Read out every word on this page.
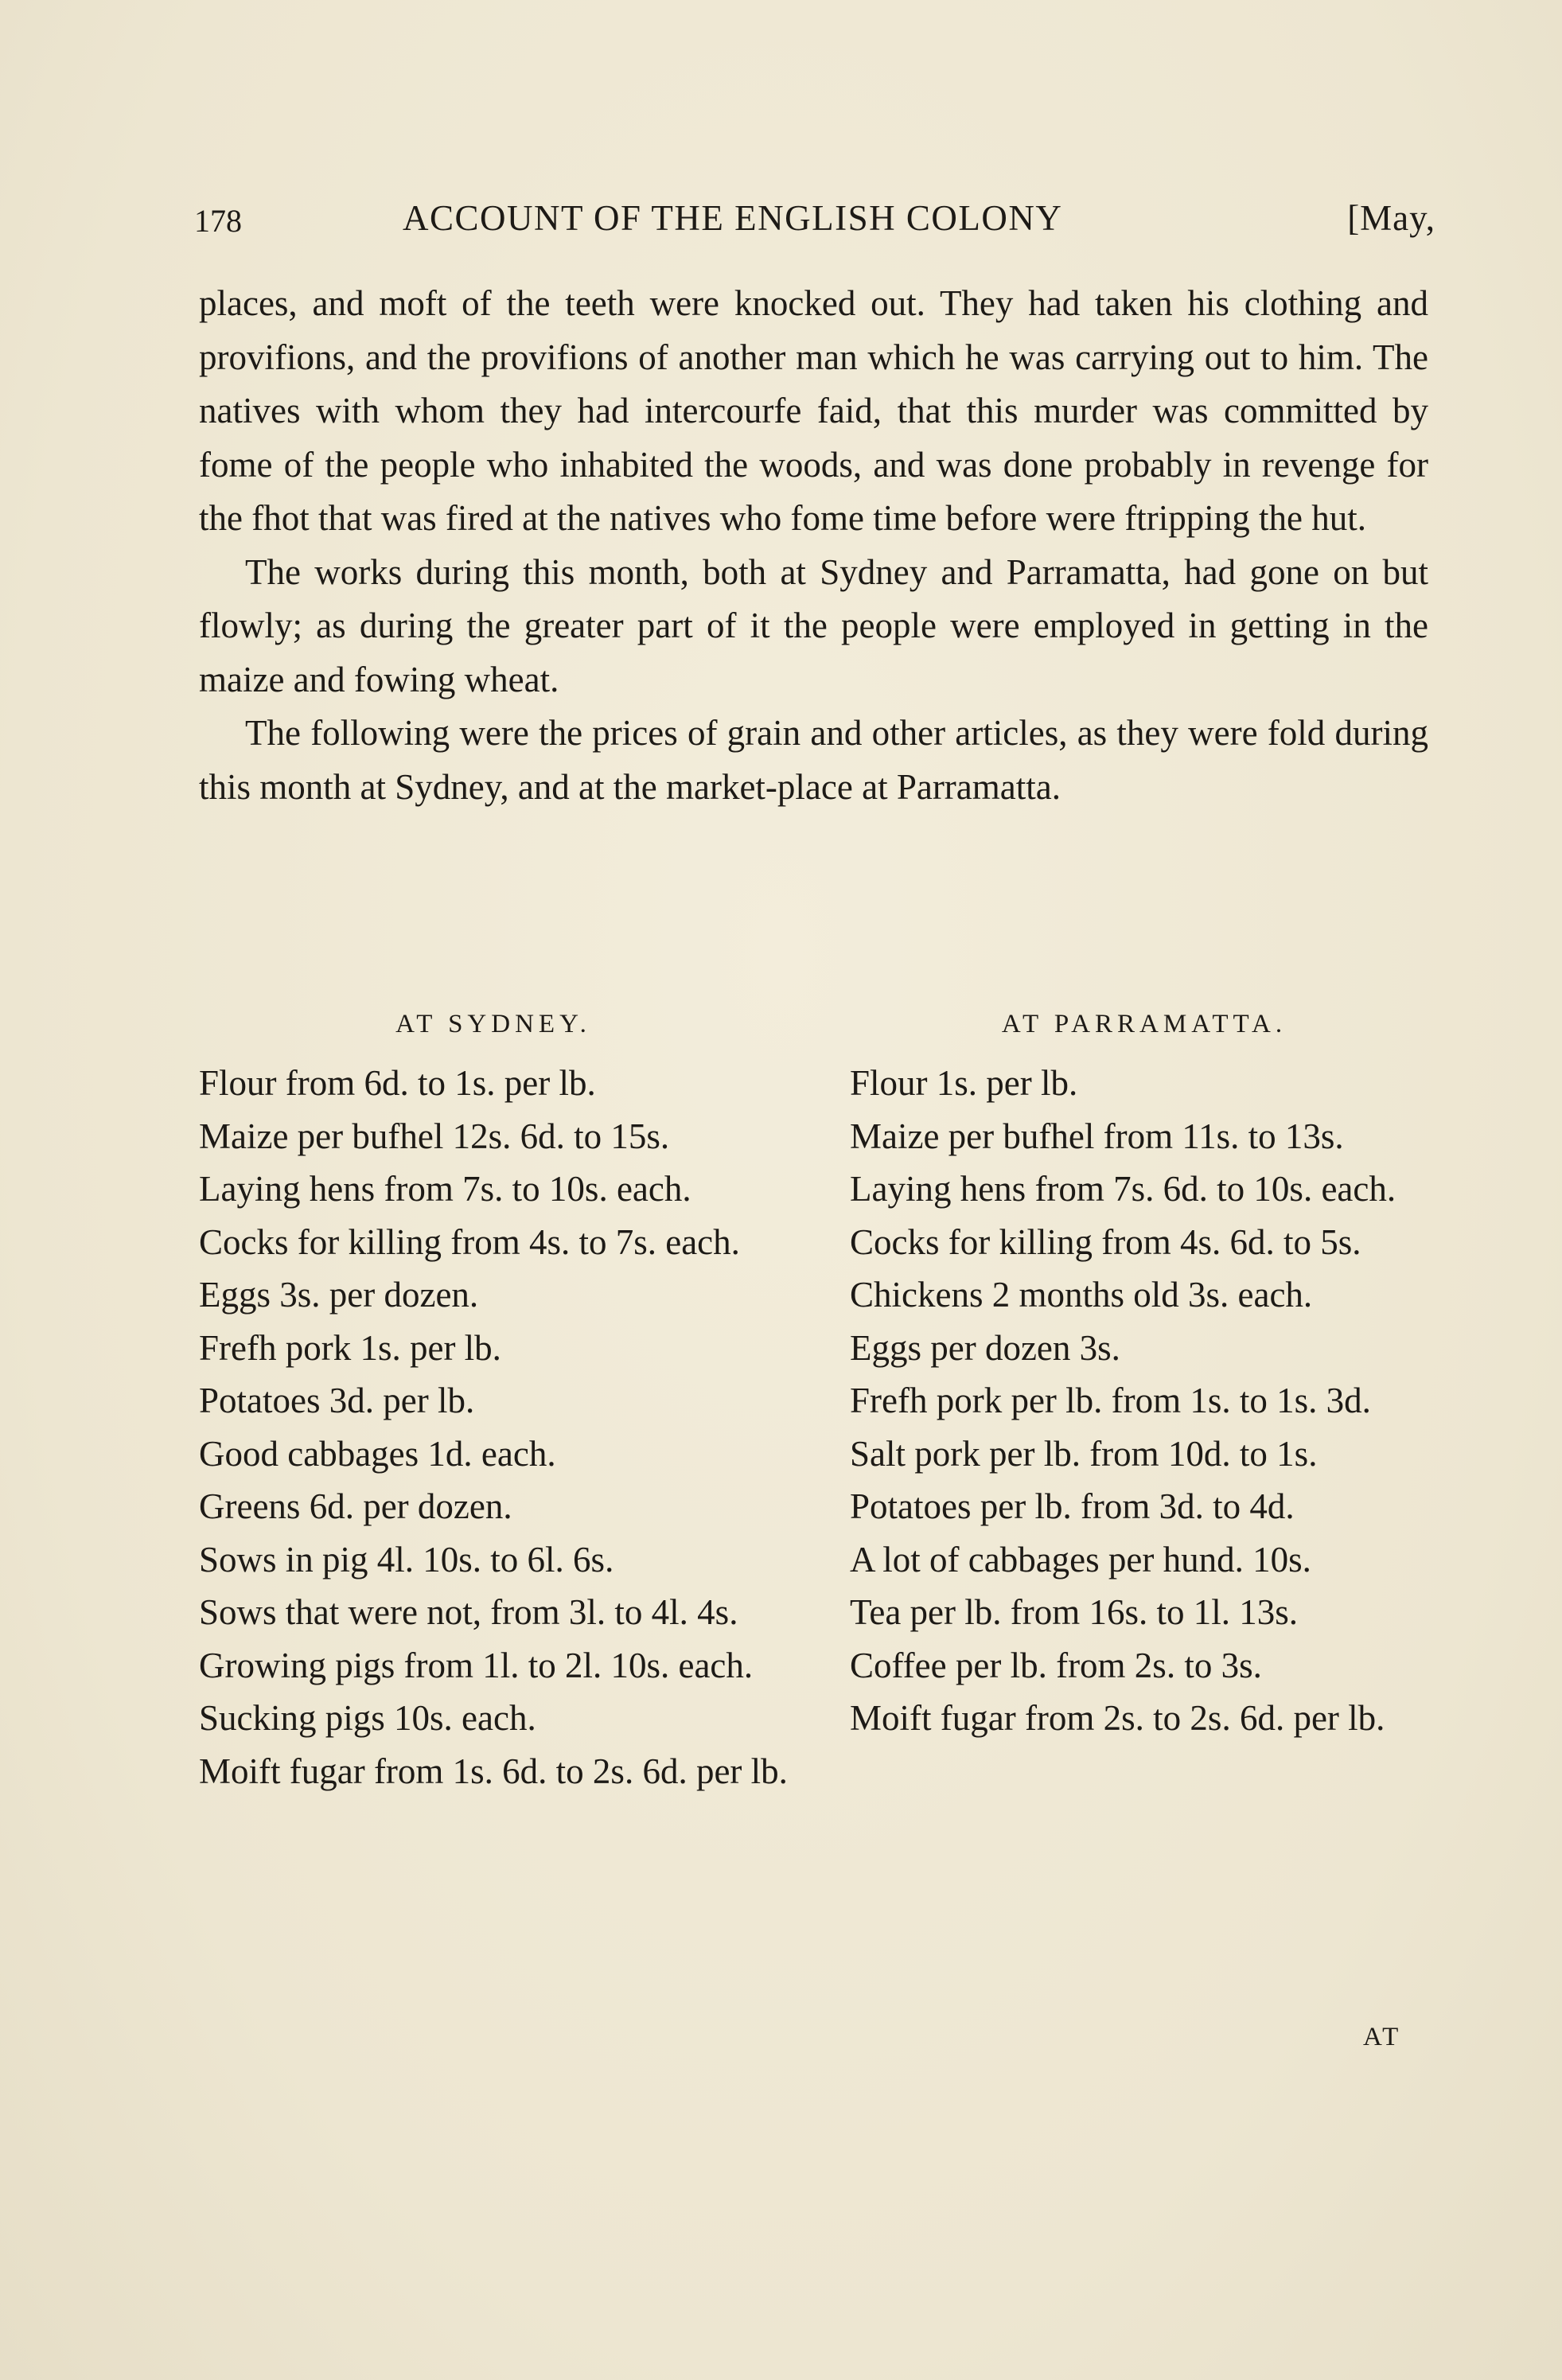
178	ACCOUNT OF THE ENGLISH COLONY	[May,

places, and moft of the teeth were knocked out. They had taken his clothing and provifions, and the provifions of another man which he was carrying out to him. The natives with whom they had intercourfe faid, that this murder was committed by fome of the people who inhabited the woods, and was done probably in revenge for the fhot that was fired at the natives who fome time before were ftripping the hut.

The works during this month, both at Sydney and Parramatta, had gone on but flowly; as during the greater part of it the people were employed in getting in the maize and fowing wheat.

The following were the prices of grain and other articles, as they were fold during this month at Sydney, and at the market-place at Parramatta.

AT SYDNEY.
Flour from 6d. to 1s. per lb.
Maize per bufhel 12s. 6d. to 15s.
Laying hens from 7s. to 10s. each.
Cocks for killing from 4s. to 7s. each.
Eggs 3s. per dozen.
Frefh pork 1s. per lb.
Potatoes 3d. per lb.
Good cabbages 1d. each.
Greens 6d. per dozen.
Sows in pig 4l. 10s. to 6l. 6s.
Sows that were not, from 3l. to 4l. 4s.
Growing pigs from 1l. to 2l. 10s. each.
Sucking pigs 10s. each.
Moift fugar from 1s. 6d. to 2s. 6d. per lb.
AT PARRAMATTA.
Flour 1s. per lb.
Maize per bufhel from 11s. to 13s.
Laying hens from 7s. 6d. to 10s. each.
Cocks for killing from 4s. 6d. to 5s.
Chickens 2 months old 3s. each.
Eggs per dozen 3s.
Frefh pork per lb. from 1s. to 1s. 3d.
Salt pork per lb. from 10d. to 1s.
Potatoes per lb. from 3d. to 4d.
A lot of cabbages per hund. 10s.
Tea per lb. from 16s. to 1l. 13s.
Coffee per lb. from 2s. to 3s.
Moift fugar from 2s. to 2s. 6d. per lb.
AT
